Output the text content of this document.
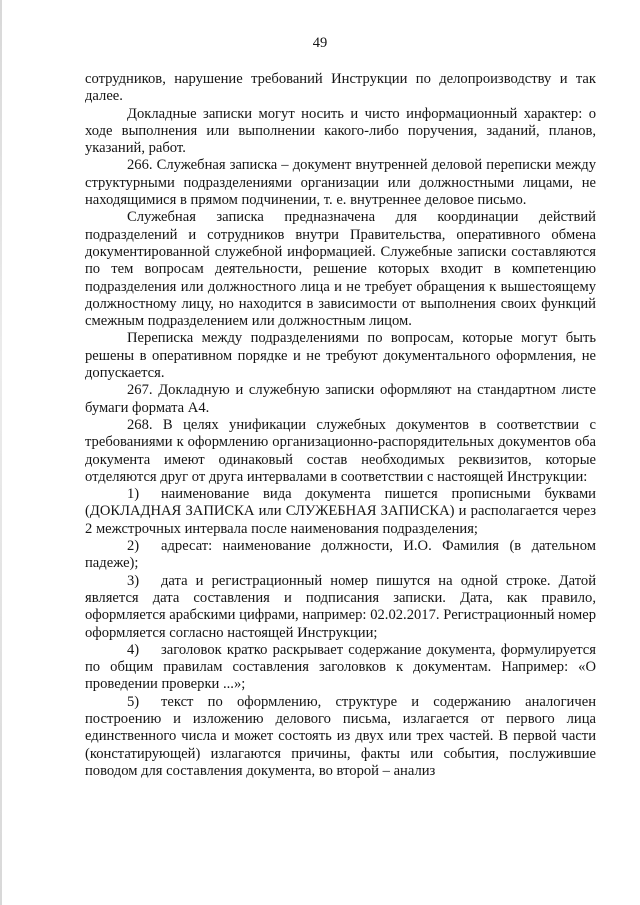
49

сотрудников, нарушение требований Инструкции по делопроизводству и так далее.

Докладные записки могут носить и чисто информационный характер: о ходе выполнения или выполнении какого-либо поручения, заданий, планов, указаний, работ.

266. Служебная записка – документ внутренней деловой переписки между структурными подразделениями организации или должностными лицами, не находящимися в прямом подчинении, т. е. внутреннее деловое письмо.

Служебная записка предназначена для координации действий подразделений и сотрудников внутри Правительства, оперативного обмена документированной служебной информацией. Служебные записки составляются по тем вопросам деятельности, решение которых входит в компетенцию подразделения или должностного лица и не требует обращения к вышестоящему должностному лицу, но находится в зависимости от выполнения своих функций смежным подразделением или должностным лицом.

Переписка между подразделениями по вопросам, которые могут быть решены в оперативном порядке и не требуют документального оформления, не допускается.

267. Докладную и служебную записки оформляют на стандартном листе бумаги формата А4.

268. В целях унификации служебных документов в соответствии с требованиями к оформлению организационно-распорядительных документов оба документа имеют одинаковый состав необходимых реквизитов, которые отделяются друг от друга интервалами в соответствии с настоящей Инструкции:

1) наименование вида документа пишется прописными буквами (ДОКЛАДНАЯ ЗАПИСКА или СЛУЖЕБНАЯ ЗАПИСКА) и располагается через 2 межстрочных интервала после наименования подразделения;

2) адресат: наименование должности, И.О. Фамилия (в дательном падеже);

3) дата и регистрационный номер пишутся на одной строке. Датой является дата составления и подписания записки. Дата, как правило, оформляется арабскими цифрами, например: 02.02.2017. Регистрационный номер оформляется согласно настоящей Инструкции;

4) заголовок кратко раскрывает содержание документа, формулируется по общим правилам составления заголовков к документам. Например: «О проведении проверки ...»;

5) текст по оформлению, структуре и содержанию аналогичен построению и изложению делового письма, излагается от первого лица единственного числа и может состоять из двух или трех частей. В первой части (констатирующей) излагаются причины, факты или события, послужившие поводом для составления документа, во второй – анализ
